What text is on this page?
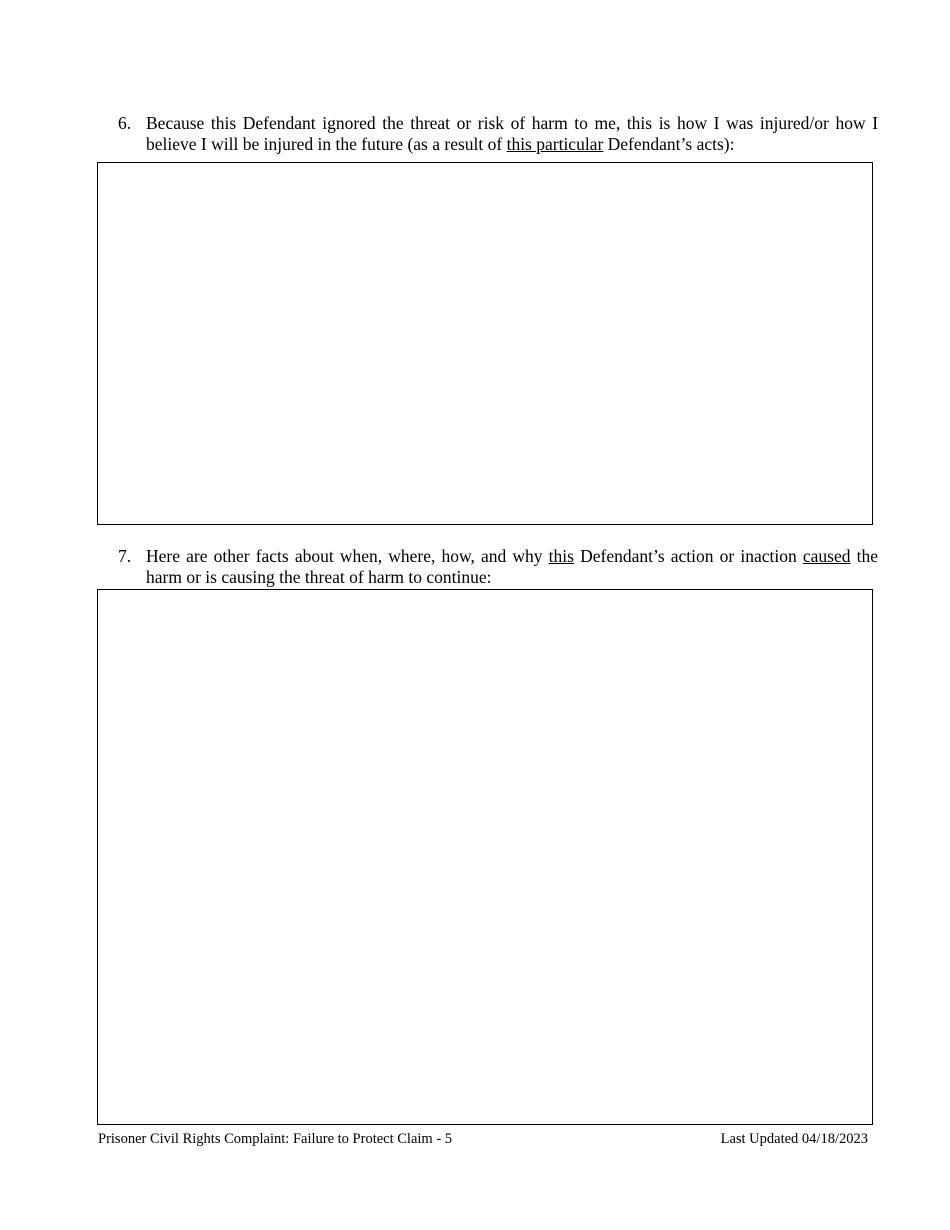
6. Because this Defendant ignored the threat or risk of harm to me, this is how I was injured/or how I believe I will be injured in the future (as a result of this particular Defendant’s acts):
7. Here are other facts about when, where, how, and why this Defendant’s action or inaction caused the harm or is causing the threat of harm to continue:
Prisoner Civil Rights Complaint: Failure to Protect Claim - 5	Last Updated 04/18/2023
